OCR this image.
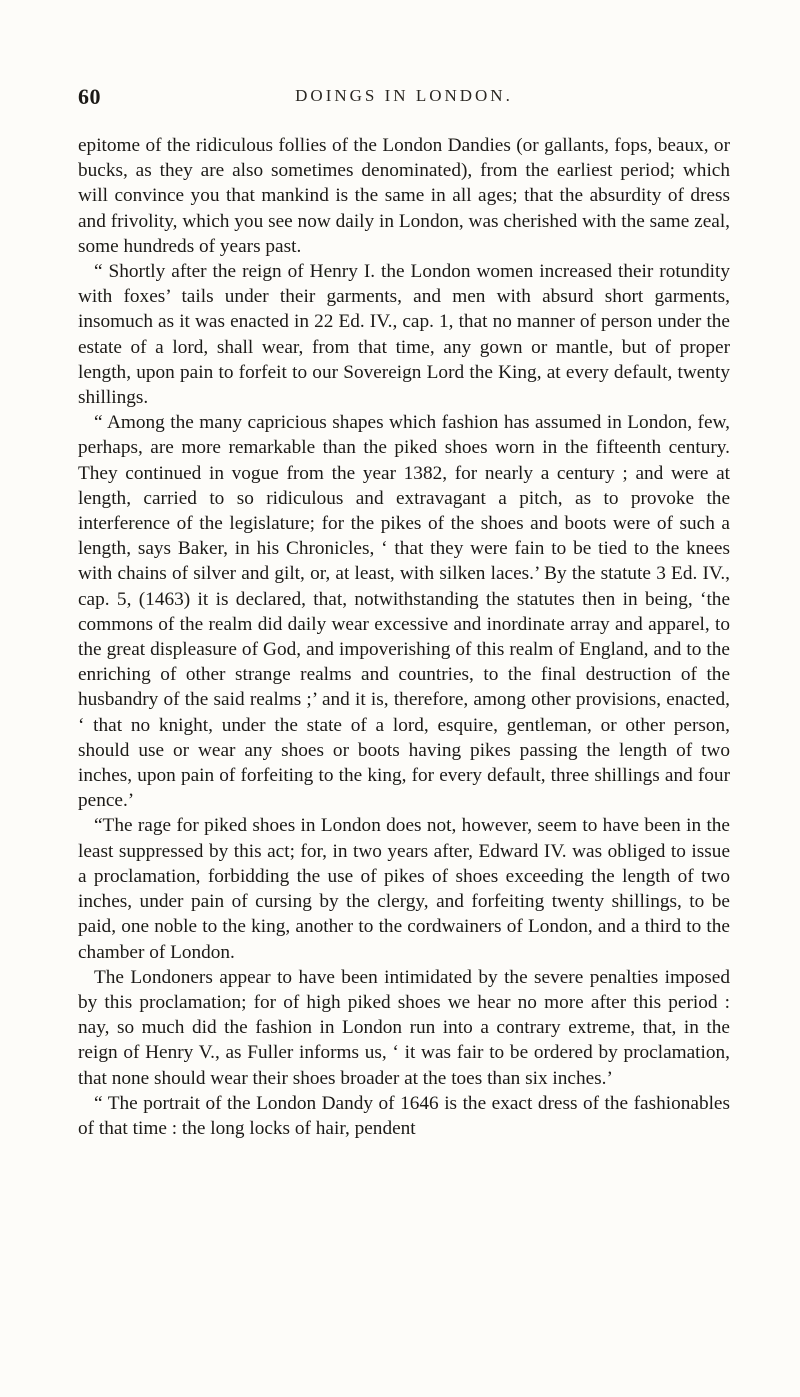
60	DOINGS IN LONDON.

epitome of the ridiculous follies of the London Dandies (or gallants, fops, beaux, or bucks, as they are also sometimes denominated), from the earliest period; which will convince you that mankind is the same in all ages; that the absurdity of dress and frivolity, which you see now daily in London, was cherished with the same zeal, some hundreds of years past.

“ Shortly after the reign of Henry I. the London women increased their rotundity with foxes’ tails under their garments, and men with absurd short garments, insomuch as it was enacted in 22 Ed. IV., cap. 1, that no manner of person under the estate of a lord, shall wear, from that time, any gown or mantle, but of proper length, upon pain to forfeit to our Sovereign Lord the King, at every default, twenty shillings.

“ Among the many capricious shapes which fashion has assumed in London, few, perhaps, are more remarkable than the piked shoes worn in the fifteenth century. They continued in vogue from the year 1382, for nearly a century ; and were at length, carried to so ridiculous and extravagant a pitch, as to provoke the interference of the legislature; for the pikes of the shoes and boots were of such a length, says Baker, in his Chronicles, ‘ that they were fain to be tied to the knees with chains of silver and gilt, or, at least, with silken laces.’ By the statute 3 Ed. IV., cap. 5, (1463) it is declared, that, notwithstanding the statutes then in being, ‘the commons of the realm did daily wear excessive and inordinate array and apparel, to the great displeasure of God, and impoverishing of this realm of England, and to the enriching of other strange realms and countries, to the final destruction of the husbandry of the said realms ;’ and it is, therefore, among other provisions, enacted, ‘ that no knight, under the state of a lord, esquire, gentleman, or other person, should use or wear any shoes or boots having pikes passing the length of two inches, upon pain of forfeiting to the king, for every default, three shillings and four pence.’

“The rage for piked shoes in London does not, however, seem to have been in the least suppressed by this act; for, in two years after, Edward IV. was obliged to issue a proclamation, forbidding the use of pikes of shoes exceeding the length of two inches, under pain of cursing by the clergy, and forfeiting twenty shillings, to be paid, one noble to the king, another to the cordwainers of London, and a third to the chamber of London.

The Londoners appear to have been intimidated by the severe penalties imposed by this proclamation; for of high piked shoes we hear no more after this period : nay, so much did the fashion in London run into a contrary extreme, that, in the reign of Henry V., as Fuller informs us, ‘ it was fair to be ordered by proclamation, that none should wear their shoes broader at the toes than six inches.’

“ The portrait of the London Dandy of 1646 is the exact dress of the fashionables of that time : the long locks of hair, pendent
